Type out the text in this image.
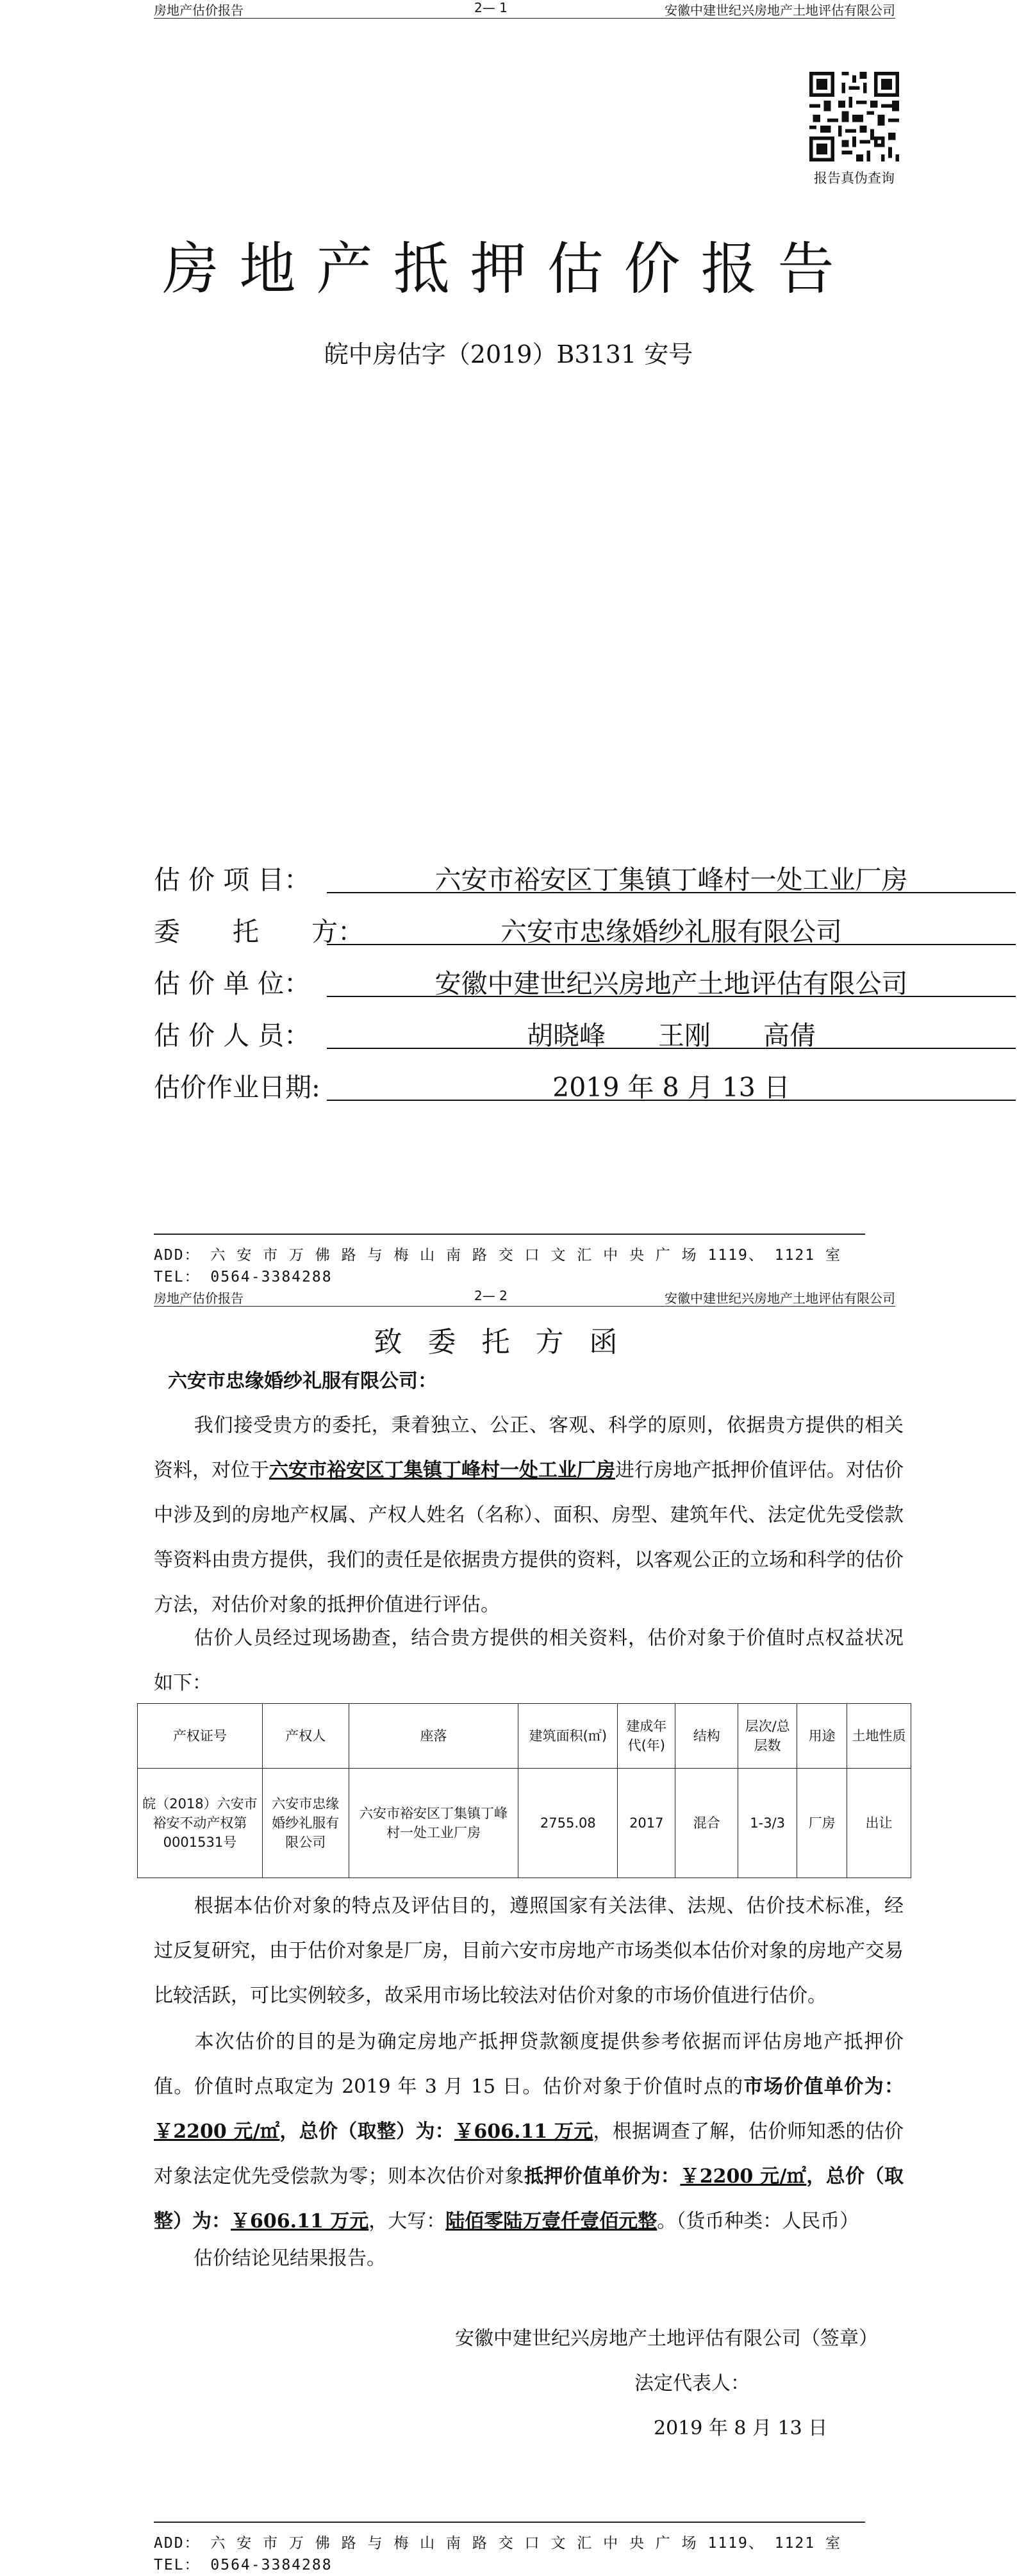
房地产估价报告	2— 1	安徽中建世纪兴房地产土地评估有限公司
报告真伪查询
房地产抵押估价报告
皖中房估字（2019）B3131 安号
估 价 项 目：	六安市裕安区丁集镇丁峰村一处工业厂房
委　　托　　方：	六安市忠缘婚纱礼服有限公司
估 价 单 位：	安徽中建世纪兴房地产土地评估有限公司
估 价 人 员：	胡晓峰　　王刚　　高倩
估价作业日期:	2019 年 8 月 13 日
ADD： 六 安 市 万 佛 路 与 梅 山 南 路 交 口 文 汇 中 央 广 场 1119、 1121 室
TEL： 0564-3384288
房地产估价报告	2— 2	安徽中建世纪兴房地产土地评估有限公司
致委托方函
六安市忠缘婚纱礼服有限公司：
我们接受贵方的委托，秉着独立、公正、客观、科学的原则，依据贵方提供的相关资料，对位于六安市裕安区丁集镇丁峰村一处工业厂房进行房地产抵押价值评估。对估价中涉及到的房地产权属、产权人姓名（名称）、面积、房型、建筑年代、法定优先受偿款等资料由贵方提供，我们的责任是依据贵方提供的资料，以客观公正的立场和科学的估价方法，对估价对象的抵押价值进行评估。
估价人员经过现场勘查，结合贵方提供的相关资料，估价对象于价值时点权益状况如下：
产权证号	产权人	座落	建筑面积(㎡)	建成年代(年)	结构	层次/总层数	用途	土地性质
皖（2018）六安市裕安不动产权第0001531号	六安市忠缘婚纱礼服有限公司	六安市裕安区丁集镇丁峰村一处工业厂房	2755.08	2017	混合	1-3/3	厂房	出让
根据本估价对象的特点及评估目的，遵照国家有关法律、法规、估价技术标准，经过反复研究，由于估价对象是厂房，目前六安市房地产市场类似本估价对象的房地产交易比较活跃，可比实例较多，故采用市场比较法对估价对象的市场价值进行估价。
本次估价的目的是为确定房地产抵押贷款额度提供参考依据而评估房地产抵押价值。价值时点取定为 2019 年 3 月 15 日。估价对象于价值时点的市场价值单价为：￥2200 元/㎡，总价（取整）为：￥606.11 万元，根据调查了解，估价师知悉的估价对象法定优先受偿款为零；则本次估价对象抵押价值单价为：￥2200 元/㎡，总价（取整）为：￥606.11 万元，大写：陆佰零陆万壹仟壹佰元整。（货币种类：人民币）
估价结论见结果报告。
安徽中建世纪兴房地产土地评估有限公司（签章）
法定代表人：
2019 年 8 月 13 日
ADD： 六 安 市 万 佛 路 与 梅 山 南 路 交 口 文 汇 中 央 广 场 1119、 1121 室
TEL： 0564-3384288
